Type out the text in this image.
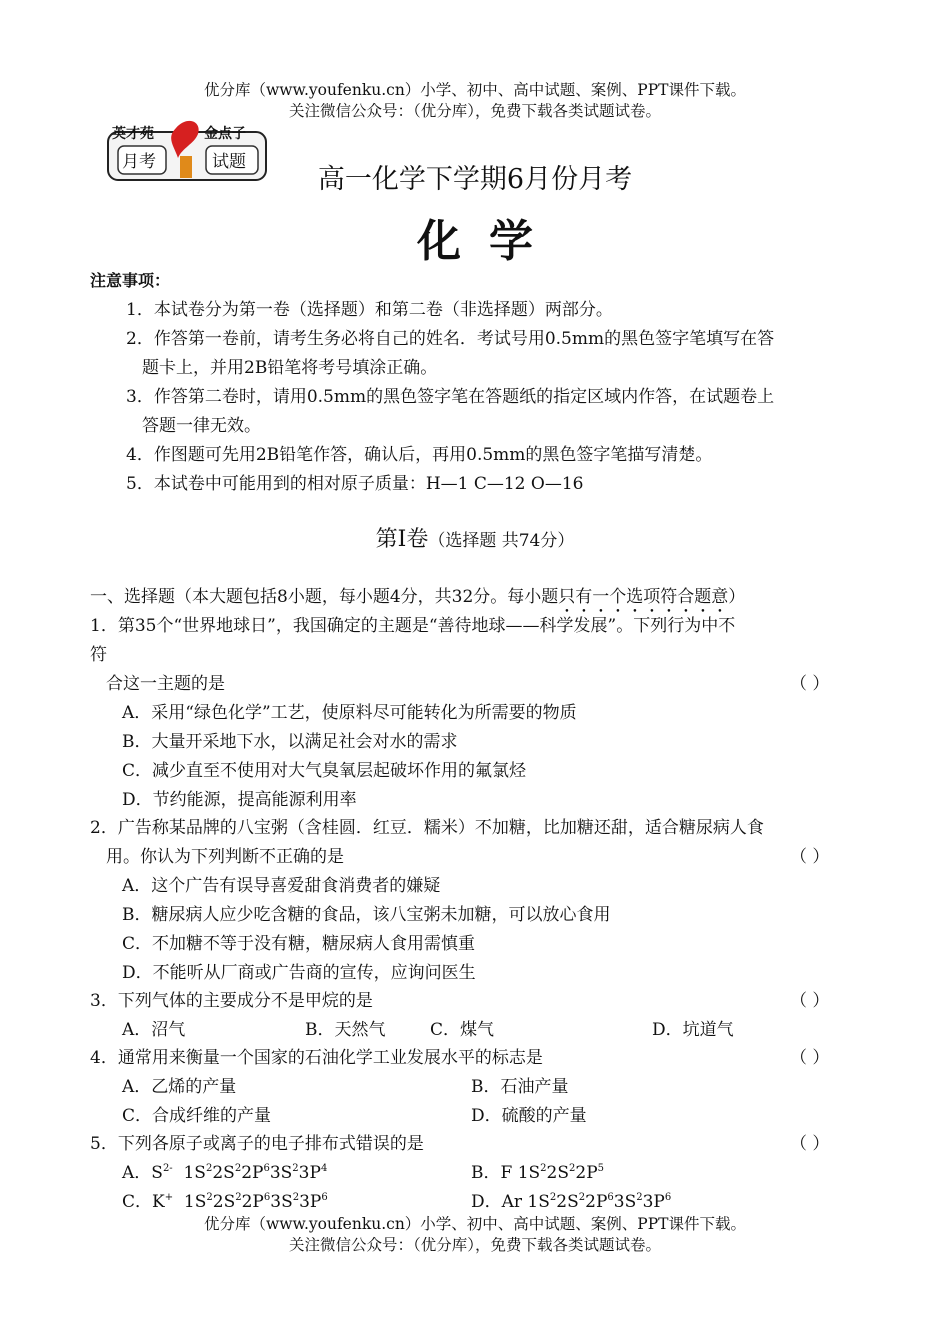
优分库（www.youfenku.cn）小学、初中、高中试题、案例、PPT课件下载。
关注微信公众号：（优分库），免费下载各类试题试卷。
英才苑	金点子
月考	试题
高一化学下学期6月份月考
化学
注意事项：
1．本试卷分为第一卷（选择题）和第二卷（非选择题）两部分。
2．作答第一卷前，请考生务必将自己的姓名．考试号用0.5mm的黑色签字笔填写在答
题卡上，并用2B铅笔将考号填涂正确。
3．作答第二卷时，请用0.5mm的黑色签字笔在答题纸的指定区域内作答，在试题卷上
答题一律无效。
4．作图题可先用2B铅笔作答，确认后，再用0.5mm的黑色签字笔描写清楚。
5．本试卷中可能用到的相对原子质量：H—1 C—12 O—16
第Ⅰ卷（选择题 共74分）
一、选择题（本大题包括8小题，每小题4分，共32分。每小题只有一个选项符合题意）
1．第35个“世界地球日”，我国确定的主题是“善待地球——科学发展”。下列行为中不
符
合这一主题的是	（ ）
A．采用“绿色化学”工艺，使原料尽可能转化为所需要的物质
B．大量开采地下水，以满足社会对水的需求
C．减少直至不使用对大气臭氧层起破坏作用的氟氯烃
D．节约能源，提高能源利用率
2．广告称某品牌的八宝粥（含桂圆．红豆．糯米）不加糖，比加糖还甜，适合糖尿病人食
用。你认为下列判断不正确的是	（ ）
A．这个广告有误导喜爱甜食消费者的嫌疑
B．糖尿病人应少吃含糖的食品，该八宝粥未加糖，可以放心食用
C．不加糖不等于没有糖，糖尿病人食用需慎重
D．不能听从厂商或广告商的宣传，应询问医生
3．下列气体的主要成分不是甲烷的是	（ ）
A．沼气	B．天然气	C．煤气	D．坑道气
4．通常用来衡量一个国家的石油化学工业发展水平的标志是	（ ）
A．乙烯的产量	B．石油产量
C．合成纤维的产量	D．硫酸的产量
5．下列各原子或离子的电子排布式错误的是	（ ）
A．$S^{2-}$  $1S^22S^22P^63S^23P^4$	B．F $1S^22S^22P^5$
C．K+  $1S^22S^22P^63S^23P^6$	D．Ar $1S^22S^22P^63S^23P^6$
优分库（www.youfenku.cn）小学、初中、高中试题、案例、PPT课件下载。
关注微信公众号：（优分库），免费下载各类试题试卷。
